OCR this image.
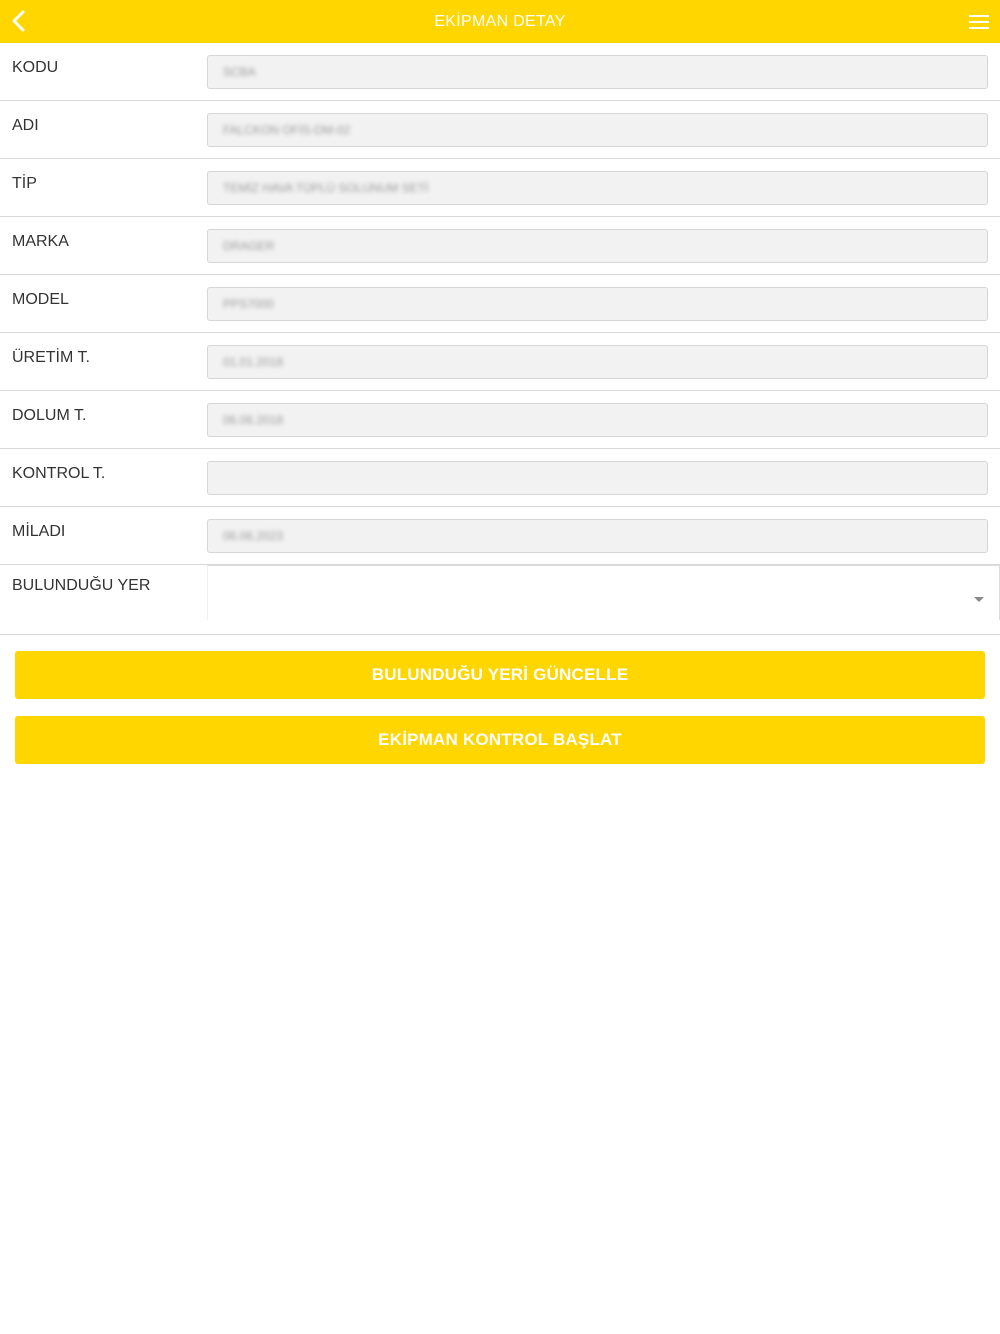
EKİPMAN DETAY
KODU	SCBA
ADI	FALCKON OFİS-DM-02
TİP	TEMİZ HAVA TÜPLÜ SOLUNUM SETİ
MARKA	DRAGER
MODEL	PPS7000
ÜRETİM T.	01.01.2018
DOLUM T.	06.06.2018
KONTROL T.
MİLADI	06.06.2023
BULUNDUĞU YER
BULUNDUĞU YERİ GÜNCELLE
EKİPMAN KONTROL BAŞLAT
